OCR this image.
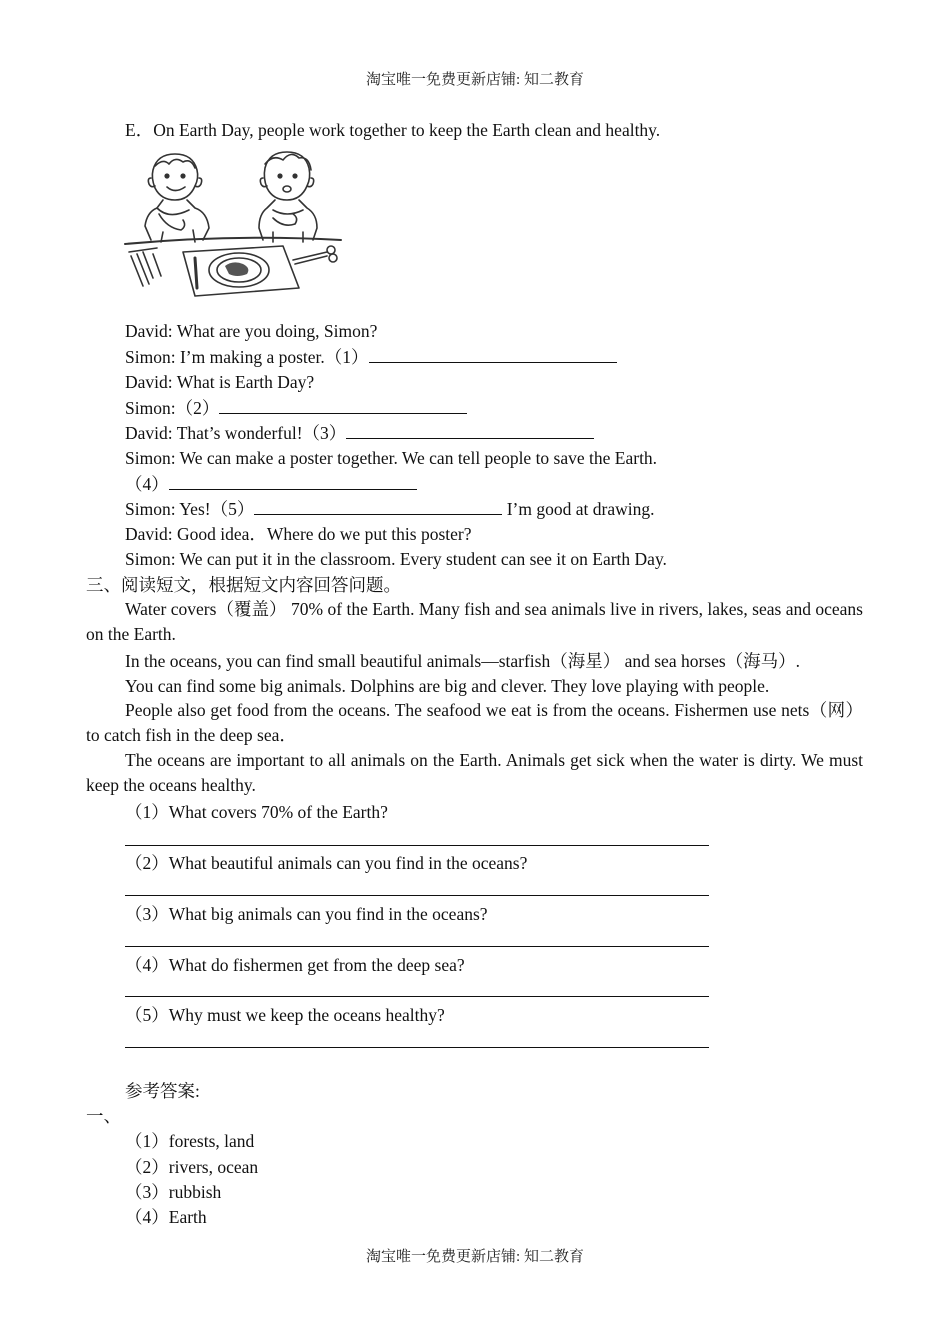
淘宝唯一免费更新店铺: 知二教育
E．On Earth Day, people work together to keep the Earth clean and healthy.
David: What are you doing, Simon?
Simon: I’m making a poster.（1）
David: What is Earth Day?
Simon:（2）
David: That’s wonderful!（3）
Simon: We can make a poster together. We can tell people to save the Earth.
（4）
Simon: Yes!（5）	I’m good at drawing.
David: Good idea．Where do we put this poster?
Simon: We can put it in the classroom. Every student can see it on Earth Day.
三、阅读短文，根据短文内容回答问题。
Water covers（覆盖） 70% of the Earth. Many fish and sea animals live in rivers, lakes, seas and oceans on the Earth.
In the oceans, you can find small beautiful animals—starfish（海星） and sea horses（海马）.
You can find some big animals. Dolphins are big and clever. They love playing with people.
People also get food from the oceans. The seafood we eat is from the oceans. Fishermen use nets（网） to catch fish in the deep sea．
The oceans are important to all animals on the Earth. Animals get sick when the water is dirty. We must keep the oceans healthy.
（1）What covers 70% of the Earth?
（2）What beautiful animals can you find in the oceans?
（3）What big animals can you find in the oceans?
（4）What do fishermen get from the deep sea?
（5）Why must we keep the oceans healthy?
参考答案:
一、
（1）forests, land
（2）rivers, ocean
（3）rubbish
（4）Earth
淘宝唯一免费更新店铺: 知二教育
